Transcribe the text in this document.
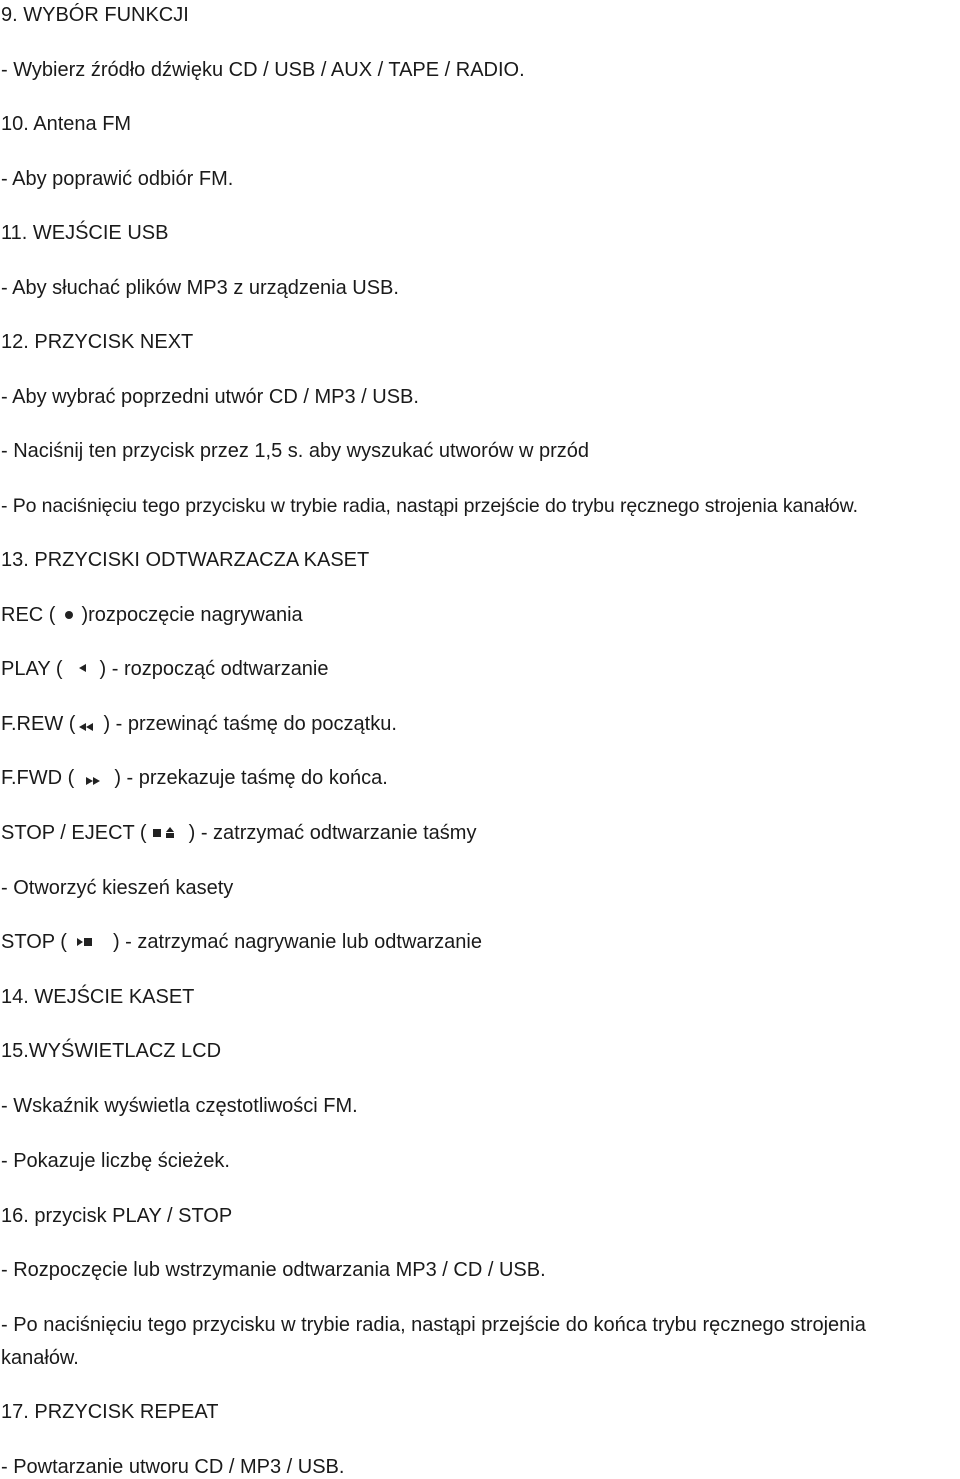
9. WYBÓR FUNKCJI
- Wybierz źródło dźwięku CD / USB / AUX / TAPE / RADIO.
10. Antena FM
- Aby poprawić odbiór FM.
11. WEJŚCIE USB
- Aby słuchać plików MP3 z urządzenia USB.
12. PRZYCISK NEXT
- Aby wybrać poprzedni utwór CD / MP3 / USB.
- Naciśnij ten przycisk przez 1,5 s. aby wyszukać utworów w przód
- Po naciśnięciu tego przycisku w trybie radia, nastąpi przejście do trybu ręcznego strojenia kanałów.
13. PRZYCISKI ODTWARZACZA KASET
REC ( )rozpoczęcie nagrywania
PLAY ( ) - rozpocząć odtwarzanie
F.REW ( ) - przewinąć taśmę do początku.
F.FWD ( ) - przekazuje taśmę do końca.
STOP / EJECT ( ) - zatrzymać odtwarzanie taśmy
- Otworzyć kieszeń kasety
STOP ( ) - zatrzymać nagrywanie lub odtwarzanie
14. WEJŚCIE KASET
15.WYŚWIETLACZ LCD
- Wskaźnik wyświetla częstotliwości FM.
- Pokazuje liczbę ścieżek.
16. przycisk PLAY / STOP
- Rozpoczęcie lub wstrzymanie odtwarzania MP3 / CD / USB.
- Po naciśnięciu tego przycisku w trybie radia, nastąpi przejście do końca trybu ręcznego strojenia kanałów.
17. PRZYCISK REPEAT
- Powtarzanie utworu CD / MP3 / USB.
